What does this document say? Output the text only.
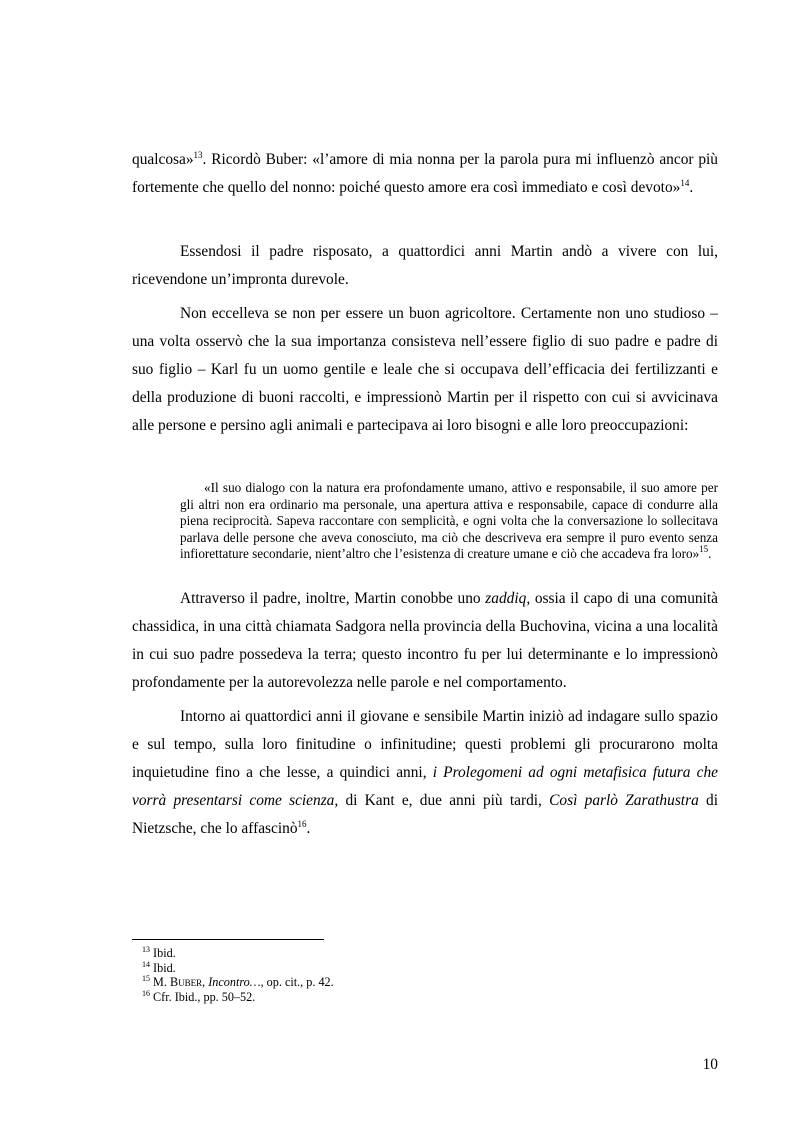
qualcosa»$^{13}$. Ricordò Buber: «l’amore di mia nonna per la parola pura mi influenzò ancor più fortemente che quello del nonno: poiché questo amore era così immediato e così devoto»$^{14}$.

Essendosi il padre risposato, a quattordici anni Martin andò a vivere con lui, ricevendone un’impronta durevole.

Non eccelleva se non per essere un buon agricoltore. Certamente non uno studioso – una volta osservò che la sua importanza consisteva nell’essere figlio di suo padre e padre di suo figlio – Karl fu un uomo gentile e leale che si occupava dell’efficacia dei fertilizzanti e della produzione di buoni raccolti, e impressionò Martin per il rispetto con cui si avvicinava alle persone e persino agli animali e partecipava ai loro bisogni e alle loro preoccupazioni:

«Il suo dialogo con la natura era profondamente umano, attivo e responsabile, il suo amore per gli altri non era ordinario ma personale, una apertura attiva e responsabile, capace di condurre alla piena reciprocità. Sapeva raccontare con semplicità, e ogni volta che la conversazione lo sollecitava parlava delle persone che aveva conosciuto, ma ciò che descriveva era sempre il puro evento senza infiorettature secondarie, nient’altro che l’esistenza di creature umane e ciò che accadeva fra loro»$^{15}$.

Attraverso il padre, inoltre, Martin conobbe uno zaddiq, ossia il capo di una comunità chassidica, in una città chiamata Sadgora nella provincia della Buchovina, vicina a una località in cui suo padre possedeva la terra; questo incontro fu per lui determinante e lo impressionò profondamente per la autorevolezza nelle parole e nel comportamento.

Intorno ai quattordici anni il giovane e sensibile Martin iniziò ad indagare sullo spazio e sul tempo, sulla loro finitudine o infinitudine; questi problemi gli procurarono molta inquietudine fino a che lesse, a quindici anni, i Prolegomeni ad ogni metafisica futura che vorrà presentarsi come scienza, di Kant e, due anni più tardi, Così parlò Zarathustra di Nietzsche, che lo affascinò$^{16}$.

$^{13}$ Ibid.
$^{14}$ Ibid.
$^{15}$ M. Buber, Incontro…, op. cit., p. 42.
$^{16}$ Cfr. Ibid., pp. 50–52.
10
